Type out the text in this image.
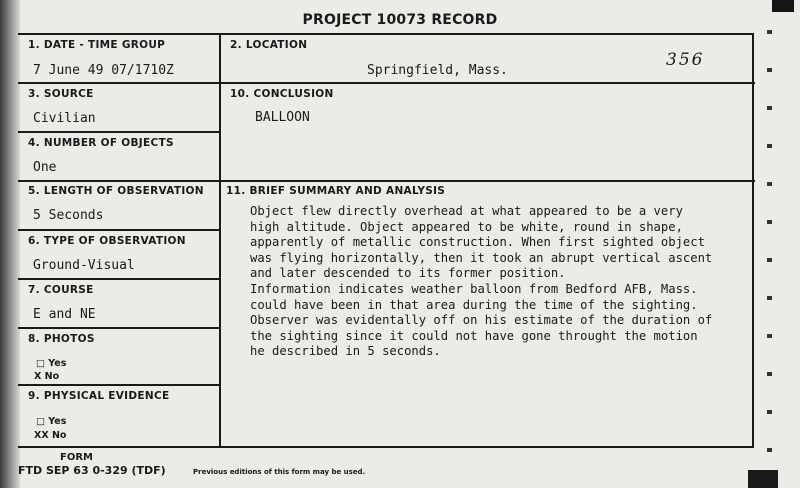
PROJECT 10073 RECORD
1. DATE - TIME GROUP
7 June 49 07/1710Z
2. LOCATION
Springfield, Mass.
356
3. SOURCE
Civilian
10. CONCLUSION
BALLOON
4. NUMBER OF OBJECTS
One
5. LENGTH OF OBSERVATION
5 Seconds
11. BRIEF SUMMARY AND ANALYSIS
Object flew directly overhead at what appeared to be a very
high altitude. Object appeared to be white, round in shape,
apparently of metallic construction. When first sighted object
was flying horizontally, then it took an abrupt vertical ascent
and later descended to its former position.
Information indicates weather balloon from Bedford AFB, Mass.
could have been in that area during the time of the sighting.
Observer was evidentally off on his estimate of the duration of
the sighting since it could not have gone throught the motion
he described in 5 seconds.
6. TYPE OF OBSERVATION
Ground-Visual
7. COURSE
E and NE
8. PHOTOS
□ Yes
X No
9. PHYSICAL EVIDENCE
□ Yes
XX No
FORM
FTD SEP 63 0-329 (TDF)	Previous editions of this form may be used.
